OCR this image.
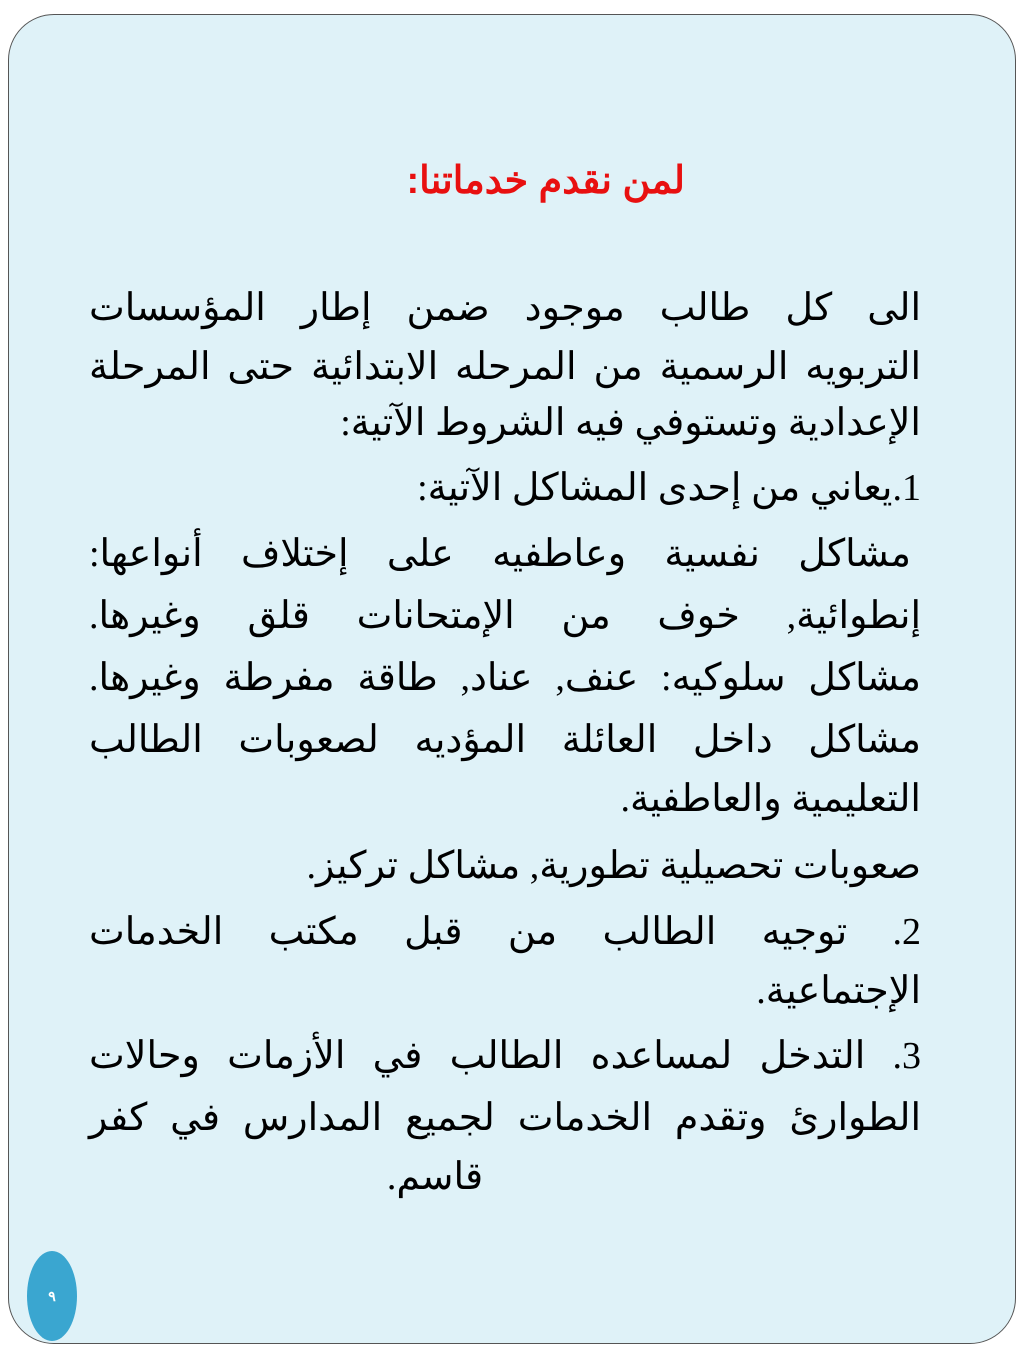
لمن نقدم خدماتنا:
الى كل طالب موجود ضمن إطار المؤسسات
التربويه الرسمية من المرحله الابتدائية حتى المرحلة
الإعدادية وتستوفي فيه الشروط الآتية:
1.يعاني من إحدى المشاكل الآتية:
مشاكل نفسية وعاطفيه على إختلاف أنواعها:
إنطوائية, خوف من الإمتحانات قلق وغيرها.
مشاكل سلوكيه: عنف, عناد, طاقة مفرطة وغيرها.
مشاكل داخل العائلة المؤديه لصعوبات الطالب
التعليمية والعاطفية.
صعوبات تحصيلية تطورية, مشاكل تركيز.
2. توجيه الطالب من قبل مكتب الخدمات
الإجتماعية.
3. التدخل لمساعده الطالب في الأزمات وحالات
الطوارئ وتقدم الخدمات لجميع المدارس في كفر
قاسم.
٩
